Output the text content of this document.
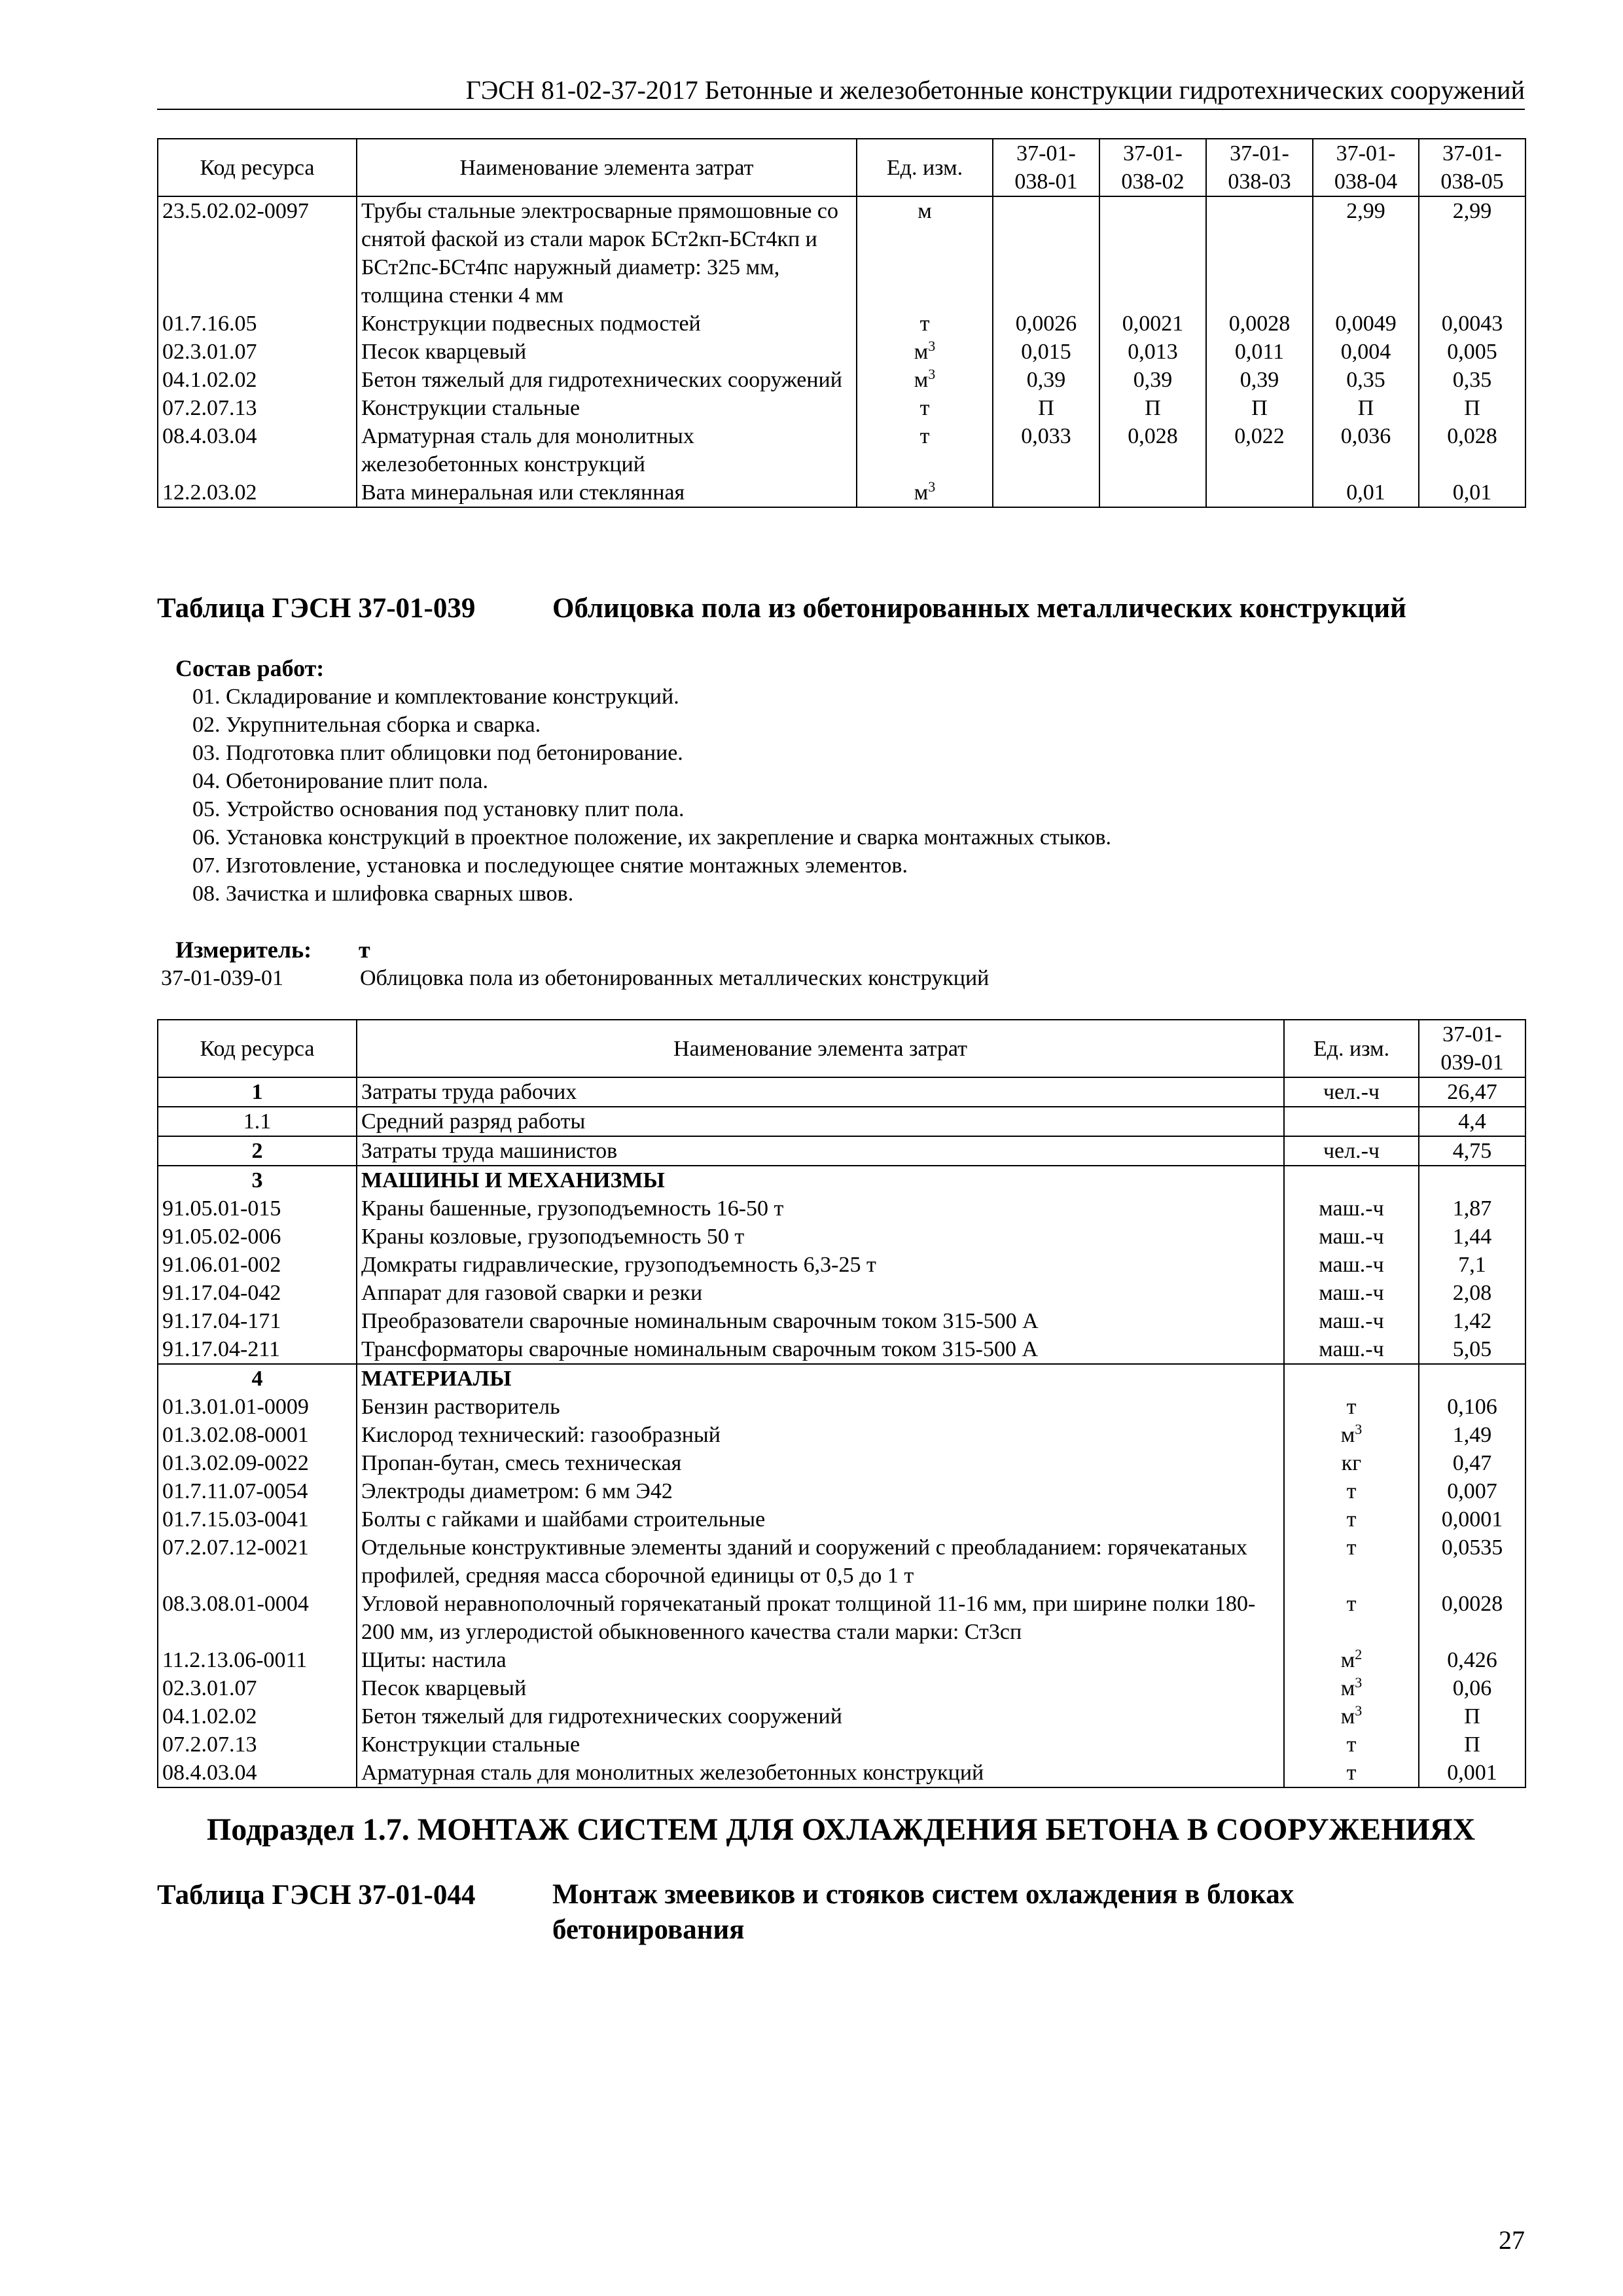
ГЭСН 81-02-37-2017 Бетонные и железобетонные конструкции гидротехнических сооружений
Код ресурса	Наименование элемента затрат	Ед. изм.	37-01-038-01	37-01-038-02	37-01-038-03	37-01-038-04	37-01-038-05
23.5.02.02-0097	Трубы стальные электросварные прямошовные со снятой фаской из стали марок БСт2кп-БСт4кп и БСт2пс-БСт4пс наружный диаметр: 325 мм, толщина стенки 4 мм	м				2,99	2,99
01.7.16.05	Конструкции подвесных подмостей	т	0,0026	0,0021	0,0028	0,0049	0,0043
02.3.01.07	Песок кварцевый	$м^3$	0,015	0,013	0,011	0,004	0,005
04.1.02.02	Бетон тяжелый для гидротехнических сооружений	$м^3$	0,39	0,39	0,39	0,35	0,35
07.2.07.13	Конструкции стальные	т	П	П	П	П	П
08.4.03.04	Арматурная сталь для монолитных железобетонных конструкций	т	0,033	0,028	0,022	0,036	0,028
12.2.03.02	Вата минеральная или стеклянная	$м^3$				0,01	0,01
Таблица ГЭСН 37-01-039	Облицовка пола из обетонированных металлических конструкций
Состав работ:
01. Складирование и комплектование конструкций.
02. Укрупнительная сборка и сварка.
03. Подготовка плит облицовки под бетонирование.
04. Обетонирование плит пола.
05. Устройство основания под установку плит пола.
06. Установка конструкций в проектное положение, их закрепление и сварка монтажных стыков.
07. Изготовление, установка и последующее снятие монтажных элементов.
08. Зачистка и шлифовка сварных швов.
Измеритель: т
37-01-039-01	Облицовка пола из обетонированных металлических конструкций
Код ресурса	Наименование элемента затрат	Ед. изм.	37-01-039-01
1	Затраты труда рабочих	чел.-ч	26,47
1.1	Средний разряд работы		4,4
2	Затраты труда машинистов	чел.-ч	4,75
3	МАШИНЫ И МЕХАНИЗМЫ		
91.05.01-015	Краны башенные, грузоподъемность 16-50 т	маш.-ч	1,87
91.05.02-006	Краны козловые, грузоподъемность 50 т	маш.-ч	1,44
91.06.01-002	Домкраты гидравлические, грузоподъемность 6,3-25 т	маш.-ч	7,1
91.17.04-042	Аппарат для газовой сварки и резки	маш.-ч	2,08
91.17.04-171	Преобразователи сварочные номинальным сварочным током 315-500 А	маш.-ч	1,42
91.17.04-211	Трансформаторы сварочные номинальным сварочным током 315-500 А	маш.-ч	5,05
4	МАТЕРИАЛЫ		
01.3.01.01-0009	Бензин растворитель	т	0,106
01.3.02.08-0001	Кислород технический: газообразный	$м^3$	1,49
01.3.02.09-0022	Пропан-бутан, смесь техническая	кг	0,47
01.7.11.07-0054	Электроды диаметром: 6 мм Э42	т	0,007
01.7.15.03-0041	Болты с гайками и шайбами строительные	т	0,0001
07.2.07.12-0021	Отдельные конструктивные элементы зданий и сооружений с преобладанием: горячекатаных профилей, средняя масса сборочной единицы от 0,5 до 1 т	т	0,0535
08.3.08.01-0004	Угловой неравнополочный горячекатаный прокат толщиной 11-16 мм, при ширине полки 180- 200 мм, из углеродистой обыкновенного качества стали марки: Ст3сп	т	0,0028
11.2.13.06-0011	Щиты: настила	$м^2$	0,426
02.3.01.07	Песок кварцевый	$м^3$	0,06
04.1.02.02	Бетон тяжелый для гидротехнических сооружений	$м^3$	П
07.2.07.13	Конструкции стальные	т	П
08.4.03.04	Арматурная сталь для монолитных железобетонных конструкций	т	0,001
Подраздел 1.7. МОНТАЖ СИСТЕМ ДЛЯ ОХЛАЖДЕНИЯ БЕТОНА В СООРУЖЕНИЯХ
Таблица ГЭСН 37-01-044	Монтаж змеевиков и стояков систем охлаждения в блоках бетонирования
27
